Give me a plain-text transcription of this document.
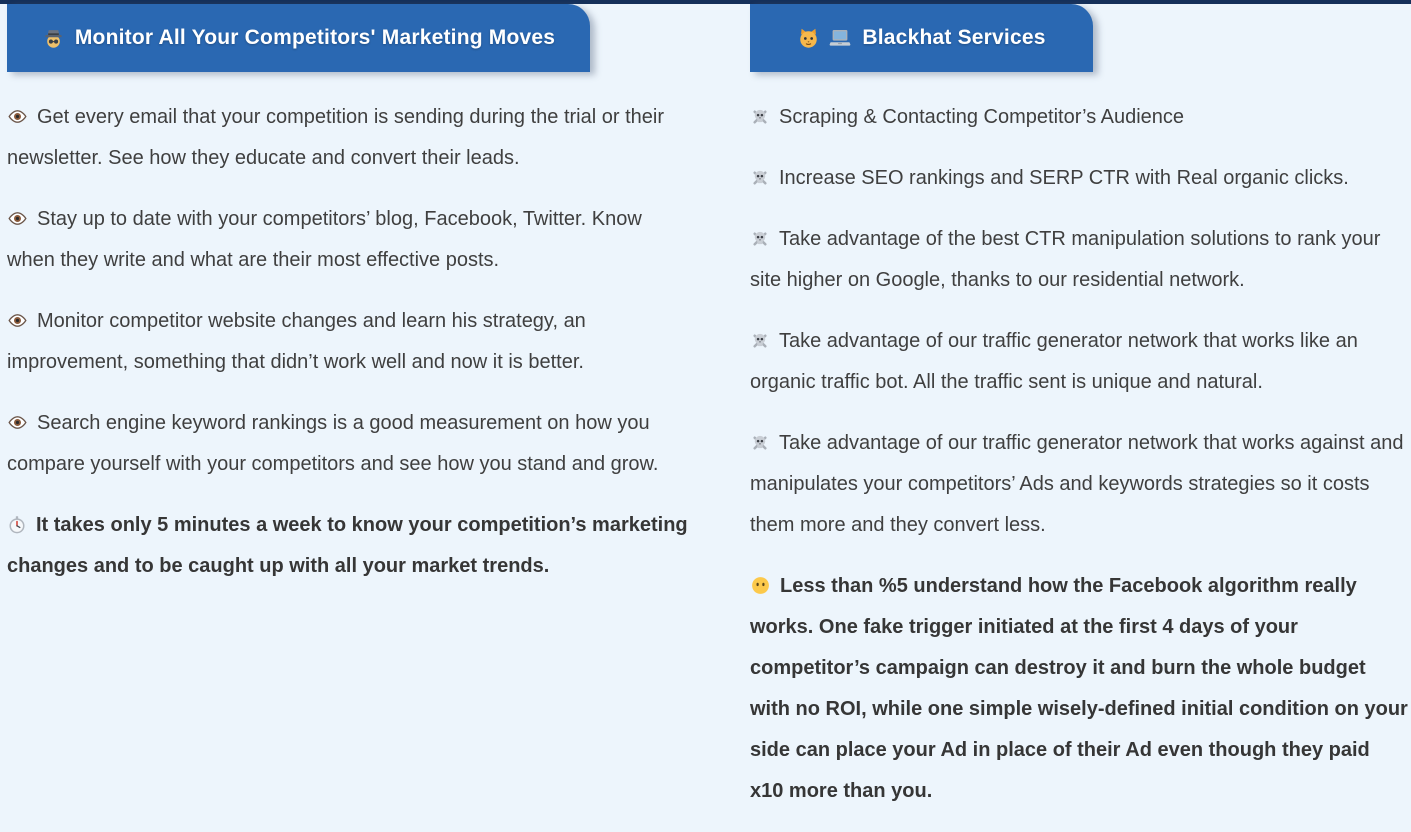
Monitor All Your Competitors' Marketing Moves

Get every email that your competition is sending during the trial or their newsletter. See how they educate and convert their leads.

Stay up to date with your competitors’ blog, Facebook, Twitter. Know when they write and what are their most effective posts.

Monitor competitor website changes and learn his strategy, an improvement, something that didn’t work well and now it is better.

Search engine keyword rankings is a good measurement on how you compare yourself with your competitors and see how you stand and grow.

It takes only 5 minutes a week to know your competition’s marketing changes and to be caught up with all your market trends.

Blackhat Services

Scraping & Contacting Competitor’s Audience

Increase SEO rankings and SERP CTR with Real organic clicks.

Take advantage of the best CTR manipulation solutions to rank your site higher on Google, thanks to our residential network.

Take advantage of our traffic generator network that works like an organic traffic bot. All the traffic sent is unique and natural.

Take advantage of our traffic generator network that works against and manipulates your competitors’ Ads and keywords strategies so it costs them more and they convert less.

Less than %5 understand how the Facebook algorithm really works. One fake trigger initiated at the first 4 days of your competitor’s campaign can destroy it and burn the whole budget with no ROI, while one simple wisely-defined initial condition on your side can place your Ad in place of their Ad even though they paid x10 more than you.
